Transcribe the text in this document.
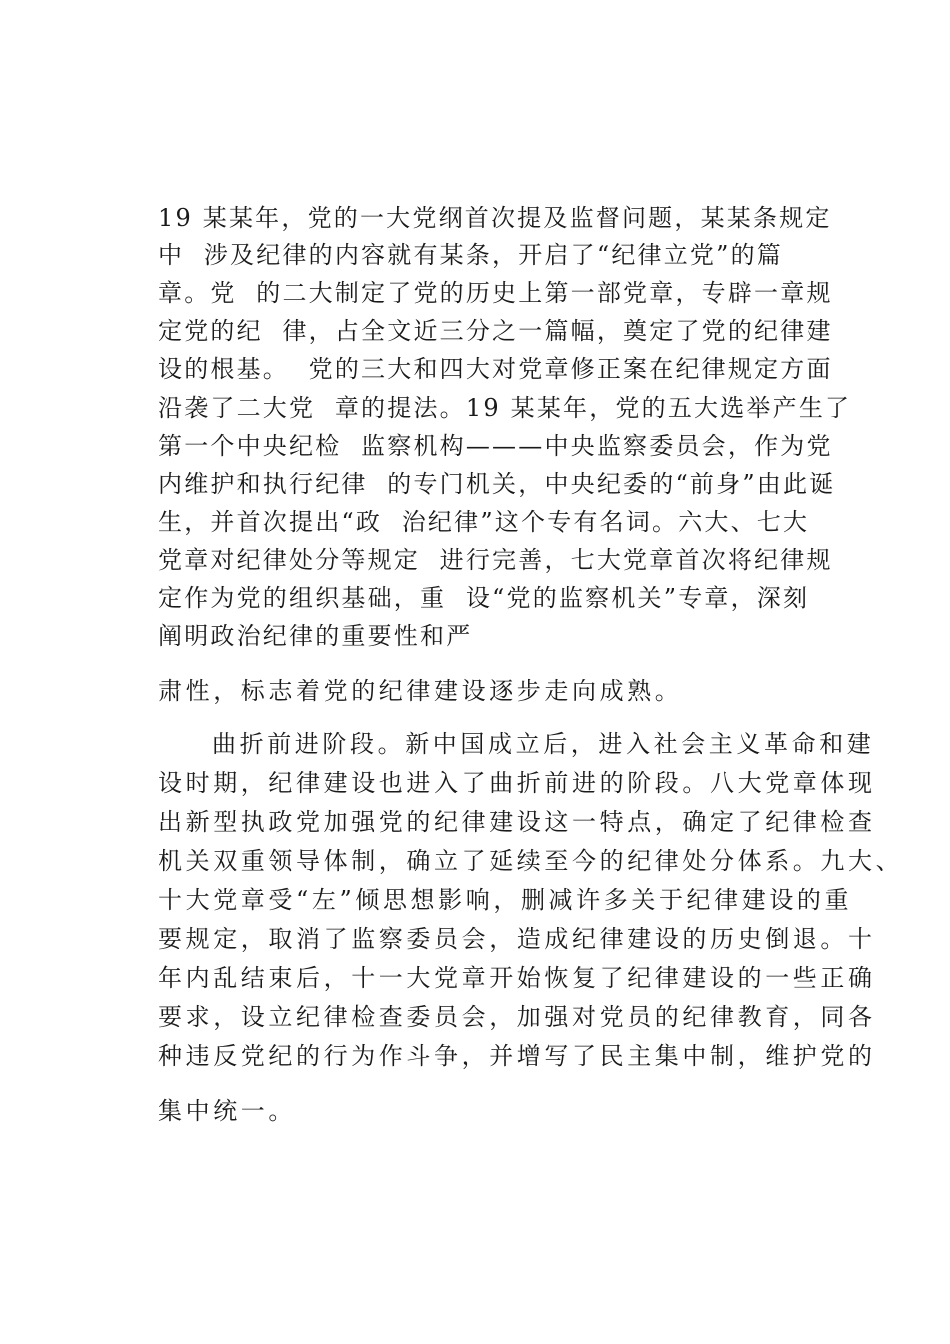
19 某某年，党的一大党纲首次提及监督问题，某某条规定
中  涉及纪律的内容就有某条，开启了“纪律立党”的篇
章。党  的二大制定了党的历史上第一部党章，专辟一章规
定党的纪  律，占全文近三分之一篇幅，奠定了党的纪律建
设的根基。  党的三大和四大对党章修正案在纪律规定方面
沿袭了二大党  章的提法。19 某某年，党的五大选举产生了
第一个中央纪检  监察机构———中央监察委员会，作为党
内维护和执行纪律  的专门机关，中央纪委的“前身”由此诞
生，并首次提出“政  治纪律”这个专有名词。六大、七大
党章对纪律处分等规定  进行完善，七大党章首次将纪律规
定作为党的组织基础，重  设“党的监察机关”专章，深刻
阐明政治纪律的重要性和严
肃性，标志着党的纪律建设逐步走向成熟。
曲折前进阶段。新中国成立后，进入社会主义革命和建
设时期，纪律建设也进入了曲折前进的阶段。八大党章体现
出新型执政党加强党的纪律建设这一特点，确定了纪律检查
机关双重领导体制，确立了延续至今的纪律处分体系。九大、
十大党章受“左”倾思想影响，删减许多关于纪律建设的重
要规定，取消了监察委员会，造成纪律建设的历史倒退。十
年内乱结束后，十一大党章开始恢复了纪律建设的一些正确
要求，设立纪律检查委员会，加强对党员的纪律教育，同各
种违反党纪的行为作斗争，并增写了民主集中制，维护党的
集中统一。
